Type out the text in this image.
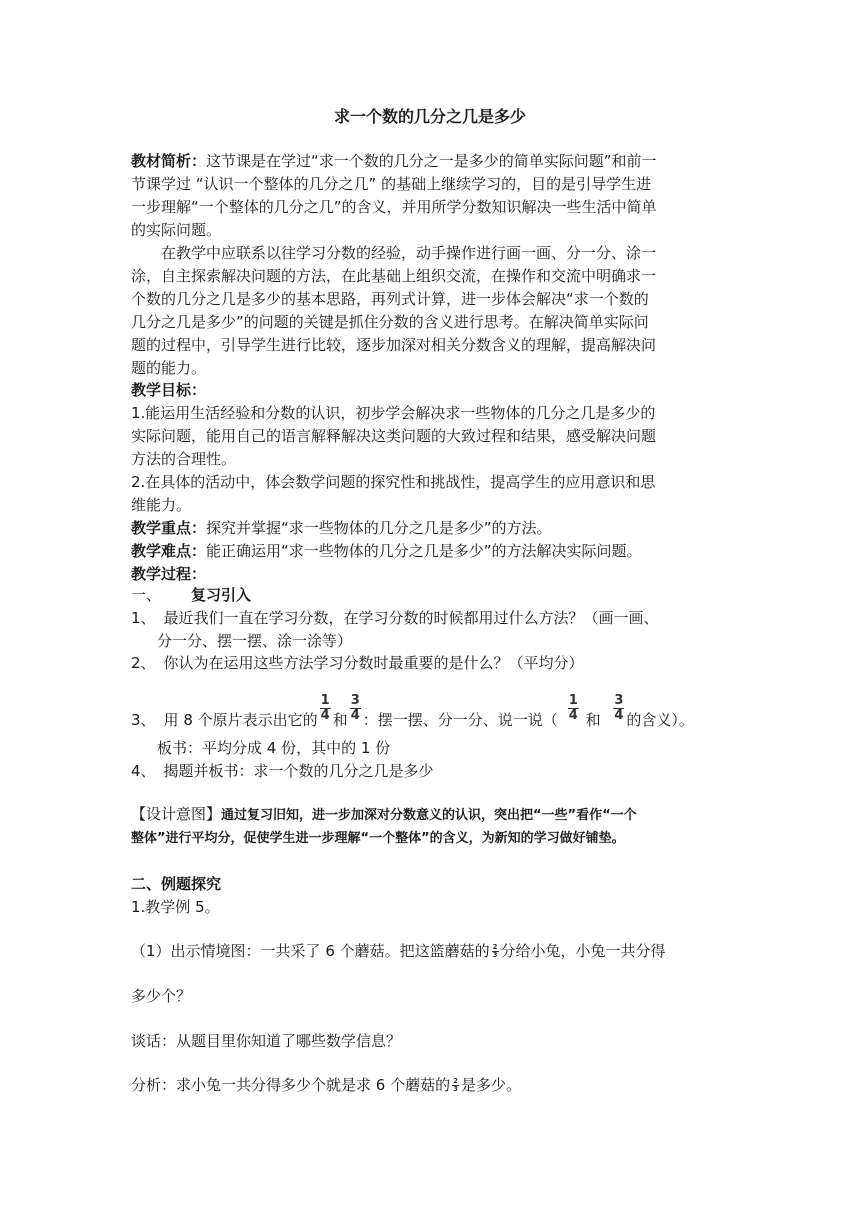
求一个数的几分之几是多少
教材简析：这节课是在学过“求一个数的几分之一是多少的简单实际问题”和前一
节课学过 “认识一个整体的几分之几” 的基础上继续学习的，目的是引导学生进
一步理解“一个整体的几分之几”的含义，并用所学分数知识解决一些生活中简单
的实际问题。
在教学中应联系以往学习分数的经验，动手操作进行画一画、分一分、涂一
涂，自主探索解决问题的方法，在此基础上组织交流，在操作和交流中明确求一
个数的几分之几是多少的基本思路，再列式计算，进一步体会解决“求一个数的
几分之几是多少”的问题的关键是抓住分数的含义进行思考。在解决简单实际问
题的过程中，引导学生进行比较，逐步加深对相关分数含义的理解，提高解决问
题的能力。
教学目标：
1.能运用生活经验和分数的认识，初步学会解决求一些物体的几分之几是多少的
实际问题，能用自己的语言解释解决这类问题的大致过程和结果，感受解决问题
方法的合理性。
2.在具体的活动中，体会数学问题的探究性和挑战性，提高学生的应用意识和思
维能力。
教学重点：探究并掌握“求一些物体的几分之几是多少”的方法。
教学难点：能正确运用“求一些物体的几分之几是多少”的方法解决实际问题。
教学过程：
一、 复习引入
1、 最近我们一直在学习分数，在学习分数的时候都用过什么方法？（画一画、
分一分、摆一摆、涂一涂等）
2、 你认为在运用这些方法学习分数时最重要的是什么？（平均分）
3、 用 8 个原片表示出它的 $\frac{1}{4}$ 和 $\frac{3}{4}$ ：摆一摆、分一分、说一说（ $\frac{1}{4}$ 和 $\frac{3}{4}$ 的含义）。
板书：平均分成 4 份，其中的 1 份
4、 揭题并板书：求一个数的几分之几是多少
【设计意图】通过复习旧知，进一步加深对分数意义的认识，突出把“一些”看作“一个
整体”进行平均分，促使学生进一步理解“一个整体”的含义，为新知的学习做好铺垫。
二、例题探究
1.教学例 5。
（1）出示情境图：一共采了 6 个蘑菇。把这篮蘑菇的 $\frac{2}{3}$ 分给小兔，小兔一共分得
多少个？
谈话：从题目里你知道了哪些数学信息？
分析：求小兔一共分得多少个就是求 6 个蘑菇的 $\frac{2}{3}$ 是多少。
